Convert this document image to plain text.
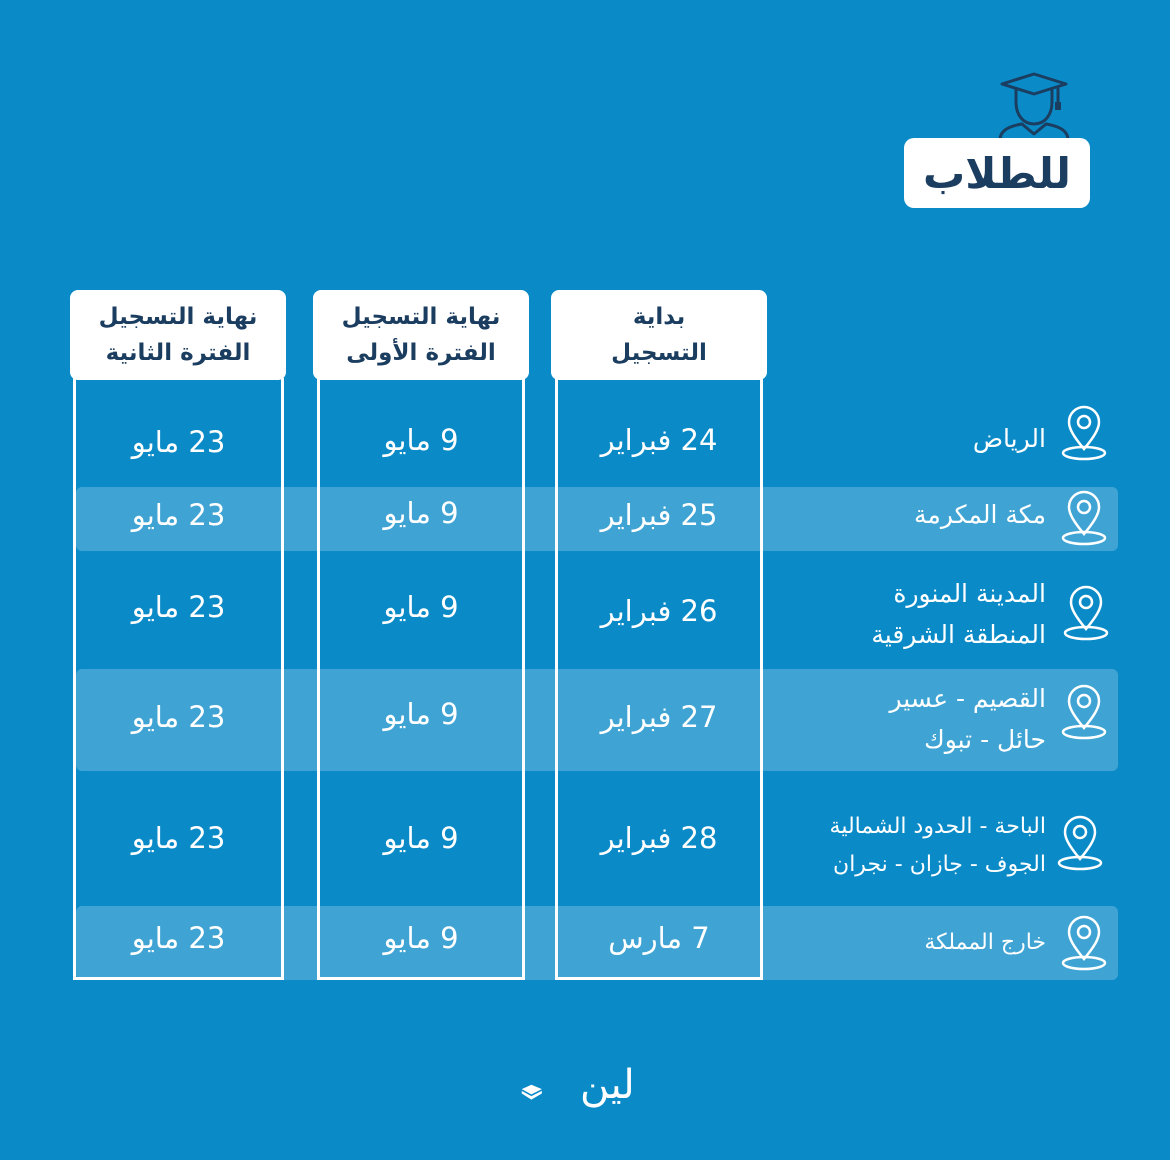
للطلاب
بداية
التسجيل
نهاية التسجيل
الفترة الأولى
نهاية التسجيل
الفترة الثانية
الرياض
24 فبراير
9 مايو
23 مايو
مكة المكرمة
25 فبراير
9 مايو
23 مايو
المدينة المنورة
المنطقة الشرقية
26 فبراير
9 مايو
23 مايو
القصيم - عسير
حائل - تبوك
27 فبراير
9 مايو
23 مايو
الباحة - الحدود الشمالية
الجوف - جازان - نجران
28 فبراير
9 مايو
23 مايو
خارج المملكة
7 مارس
9 مايو
23 مايو
لين
